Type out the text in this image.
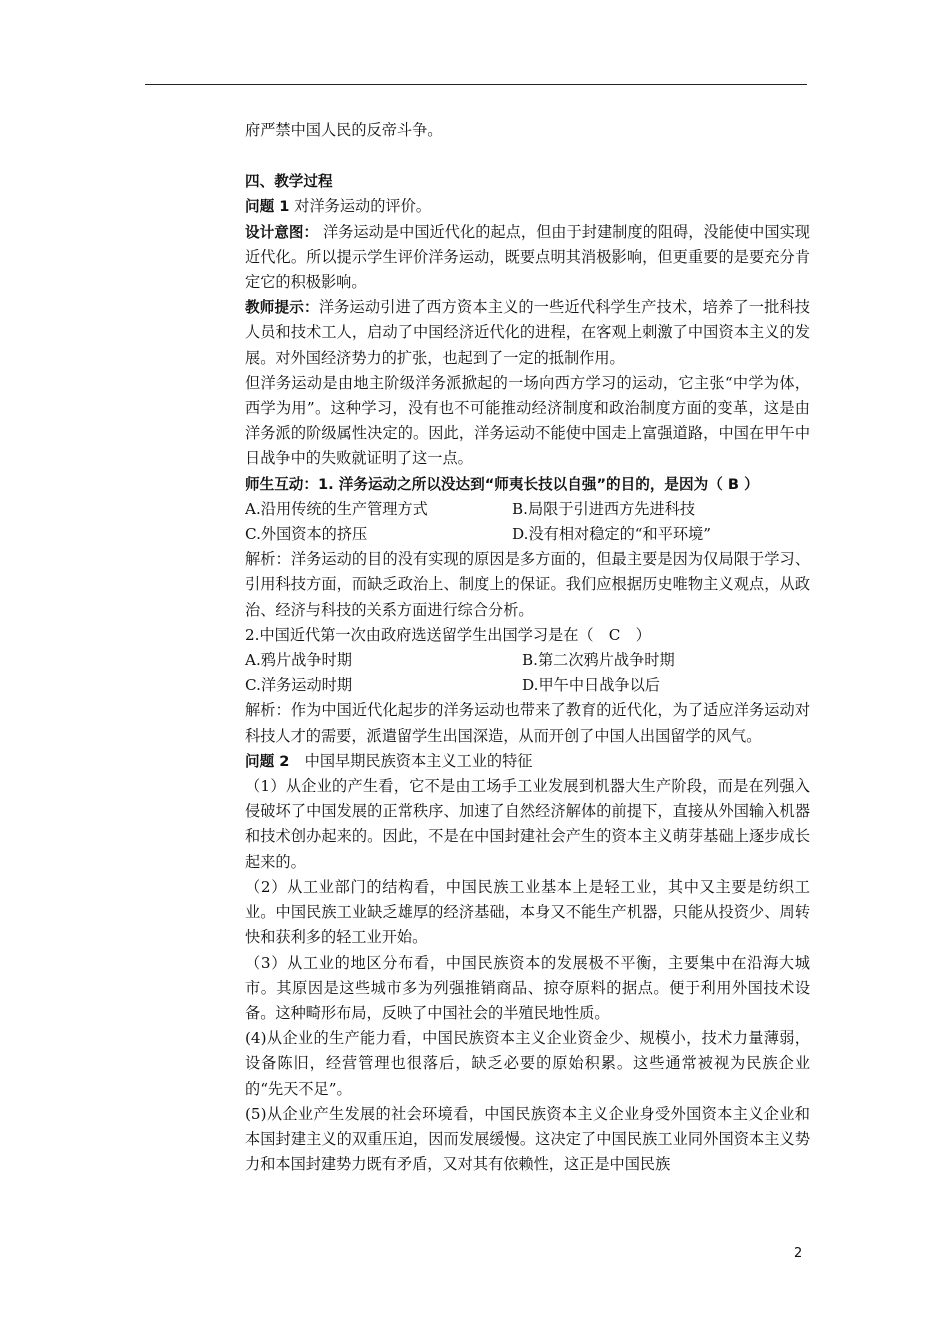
府严禁中国人民的反帝斗争。

四、教学过程

问题 1 对洋务运动的评价。

设计意图： 洋务运动是中国近代化的起点，但由于封建制度的阻碍，没能使中国实现近代化。所以提示学生评价洋务运动，既要点明其消极影响，但更重要的是要充分肯定它的积极影响。

教师提示：洋务运动引进了西方资本主义的一些近代科学生产技术，培养了一批科技人员和技术工人，启动了中国经济近代化的进程，在客观上刺激了中国资本主义的发展。对外国经济势力的扩张，也起到了一定的抵制作用。

但洋务运动是由地主阶级洋务派掀起的一场向西方学习的运动，它主张“中学为体，西学为用”。这种学习，没有也不可能推动经济制度和政治制度方面的变革，这是由洋务派的阶级属性决定的。因此，洋务运动不能使中国走上富强道路，中国在甲午中日战争中的失败就证明了这一点。

师生互动：1. 洋务运动之所以没达到“师夷长技以自强”的目的，是因为（ B ）

A.沿用传统的生产管理方式	B.局限于引进西方先进科技
C.外国资本的挤压	D.没有相对稳定的“和平环境”

解析：洋务运动的目的没有实现的原因是多方面的，但最主要是因为仅局限于学习、引用科技方面，而缺乏政治上、制度上的保证。我们应根据历史唯物主义观点，从政治、经济与科技的关系方面进行综合分析。

2.中国近代第一次由政府选送留学生出国学习是在（　C　）

A.鸦片战争时期	B.第二次鸦片战争时期
C.洋务运动时期	D.甲午中日战争以后

解析：作为中国近代化起步的洋务运动也带来了教育的近代化，为了适应洋务运动对科技人才的需要，派遣留学生出国深造，从而开创了中国人出国留学的风气。

问题 2　中国早期民族资本主义工业的特征

（1）从企业的产生看，它不是由工场手工业发展到机器大生产阶段，而是在列强入侵破坏了中国发展的正常秩序、加速了自然经济解体的前提下，直接从外国输入机器和技术创办起来的。因此，不是在中国封建社会产生的资本主义萌芽基础上逐步成长起来的。

（2）从工业部门的结构看，中国民族工业基本上是轻工业，其中又主要是纺织工业。中国民族工业缺乏雄厚的经济基础，本身又不能生产机器，只能从投资少、周转快和获利多的轻工业开始。

（3）从工业的地区分布看，中国民族资本的发展极不平衡，主要集中在沿海大城市。其原因是这些城市多为列强推销商品、掠夺原料的据点。便于利用外国技术设备。这种畸形布局，反映了中国社会的半殖民地性质。

(4)从企业的生产能力看，中国民族资本主义企业资金少、规模小，技术力量薄弱，设备陈旧，经营管理也很落后，缺乏必要的原始积累。这些通常被视为民族企业的“先天不足”。

(5)从企业产生发展的社会环境看，中国民族资本主义企业身受外国资本主义企业和本国封建主义的双重压迫，因而发展缓慢。这决定了中国民族工业同外国资本主义势力和本国封建势力既有矛盾，又对其有依赖性，这正是中国民族

2
